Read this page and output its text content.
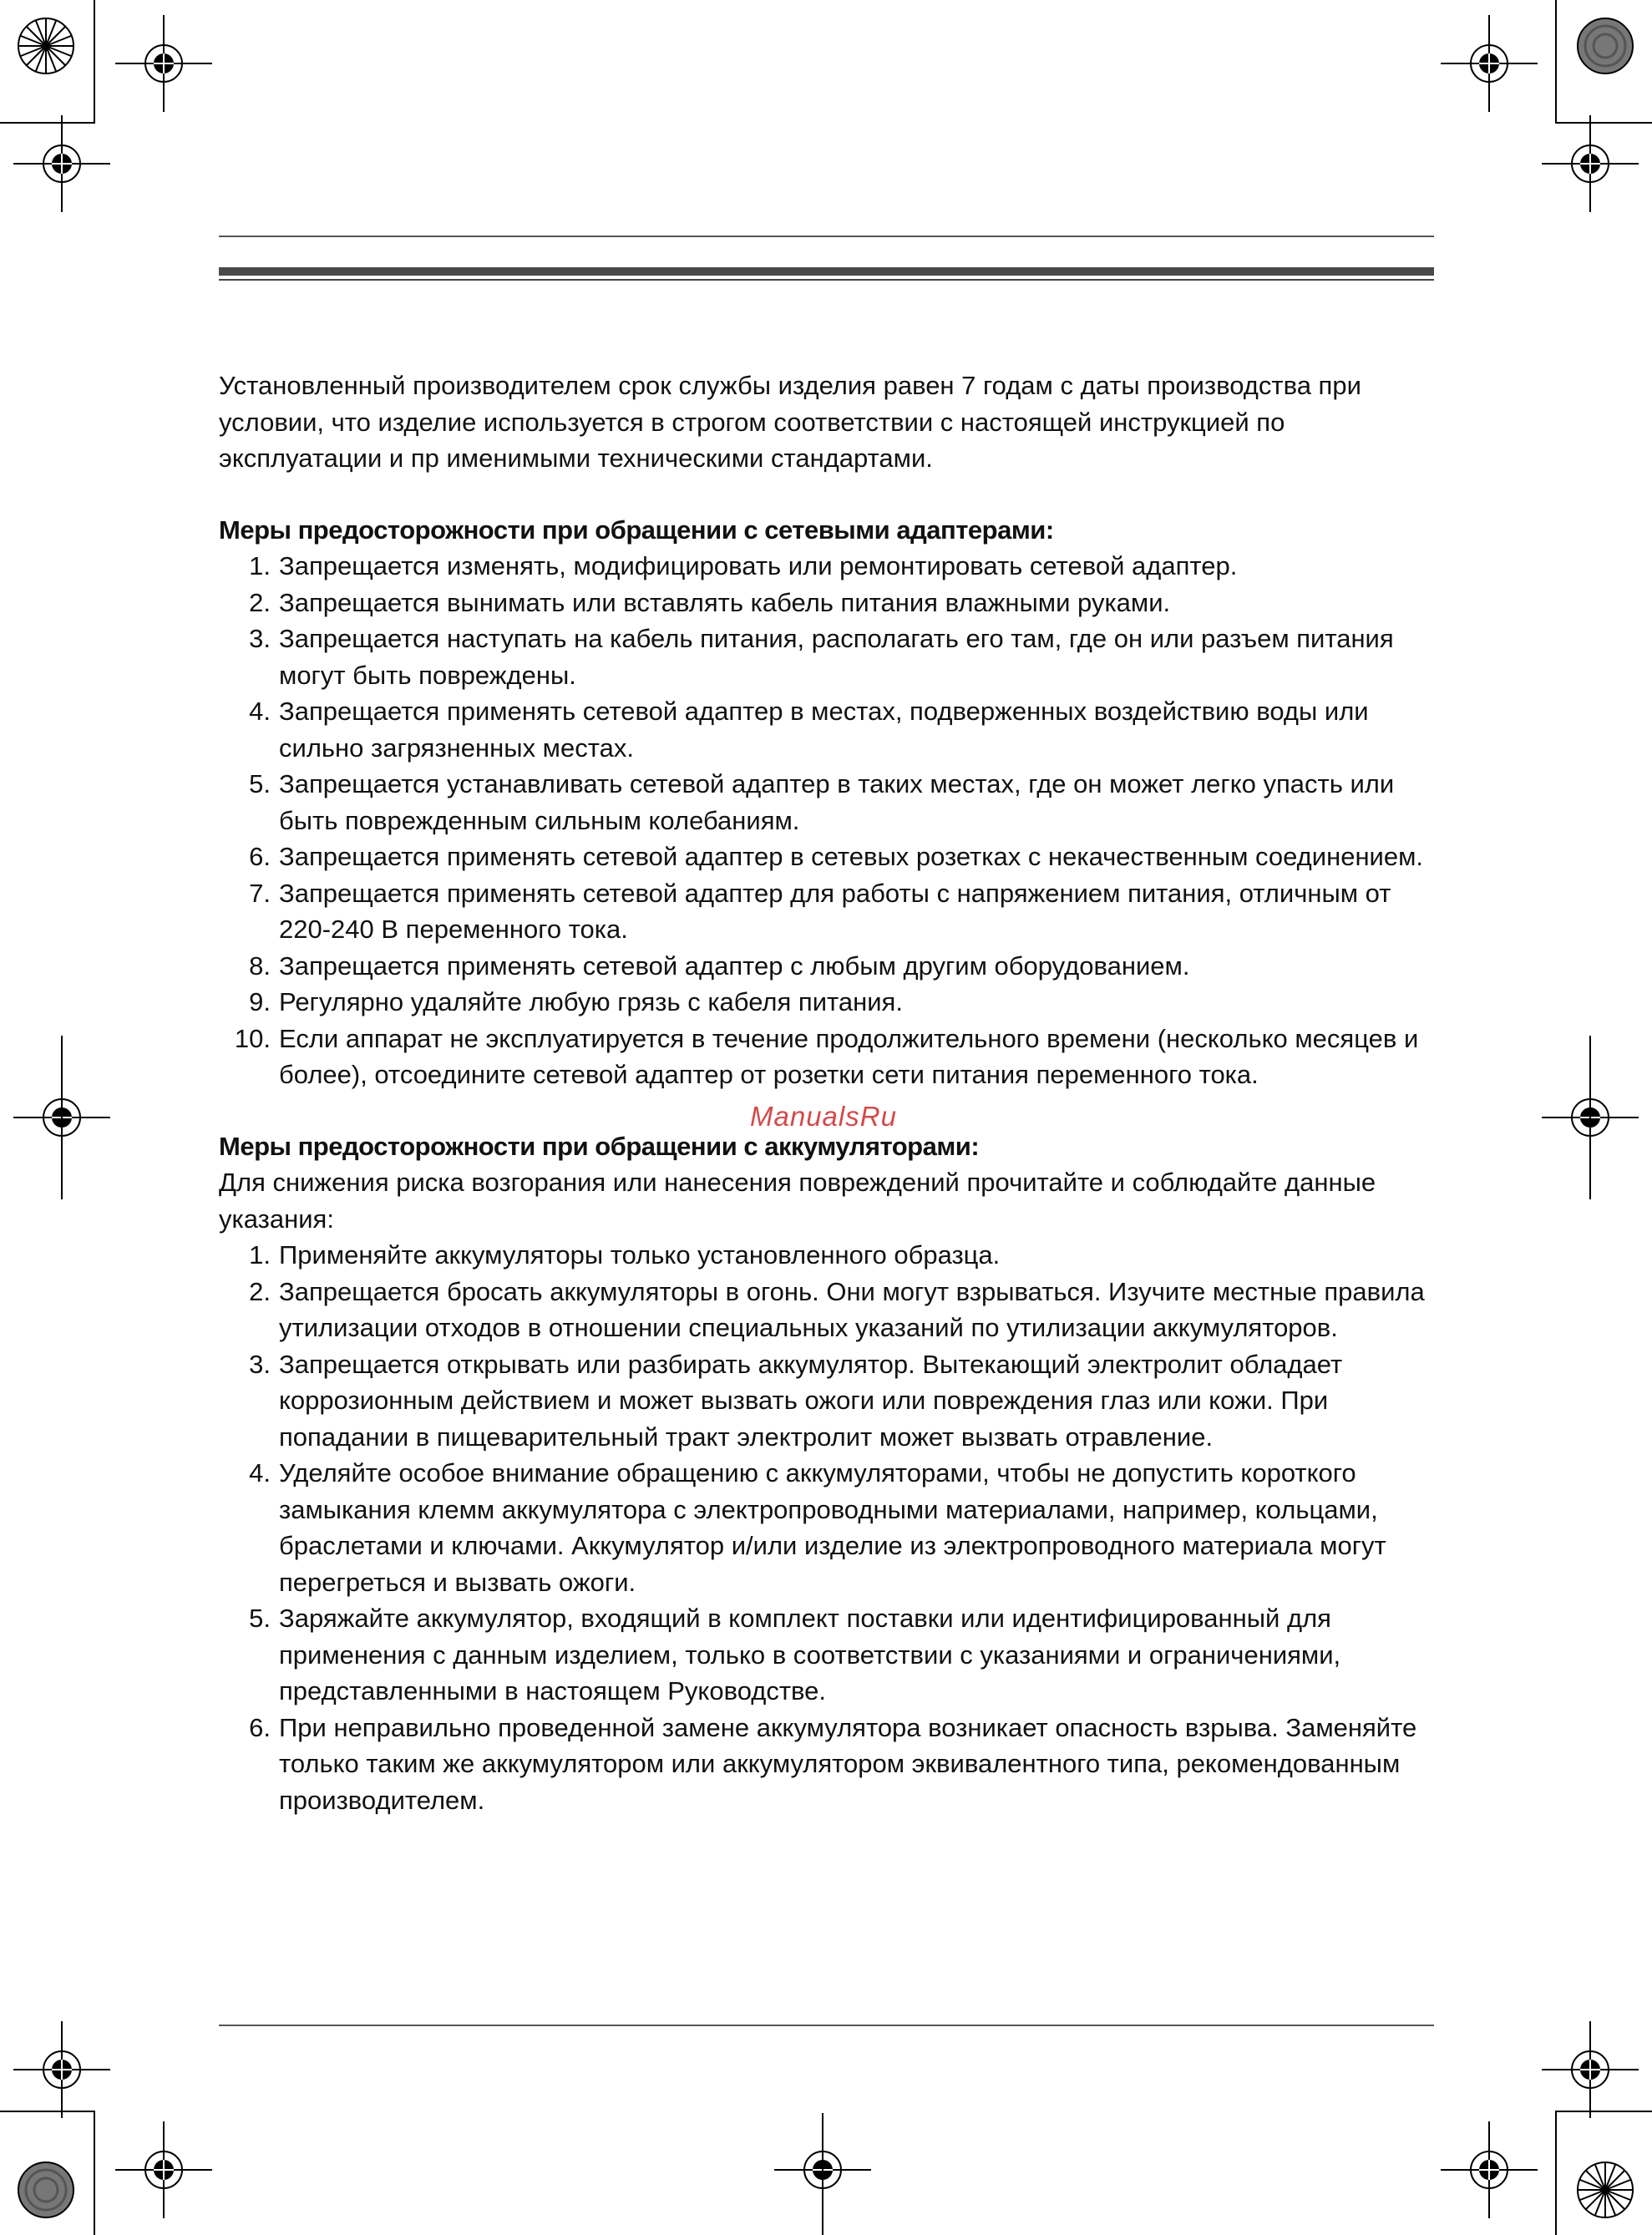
Установленный производителем срок службы изделия равен 7 годам с даты производства при условии, что изделие используется в строгом соответствии с настоящей инструкцией по эксплуатации и пр именимыми техническими стандартами.

Меры предосторожности при обращении с сетевыми адаптерами:
1. Запрещается изменять, модифицировать или ремонтировать сетевой адаптер.
2. Запрещается вынимать или вставлять кабель питания влажными руками.
3. Запрещается наступать на кабель питания, располагать его там, где он или разъем питания могут быть повреждены.
4. Запрещается применять сетевой адаптер в местах, подверженных воздействию воды или сильно загрязненных местах.
5. Запрещается устанавливать сетевой адаптер в таких местах, где он может легко упасть или быть поврежденным сильным колебаниям.
6. Запрещается применять сетевой адаптер в сетевых розетках с некачественным соединением.
7. Запрещается применять сетевой адаптер для работы с напряжением питания, отличным от 220-240 В переменного тока.
8. Запрещается применять сетевой адаптер с любым другим оборудованием.
9. Регулярно удаляйте любую грязь с кабеля питания.
10. Если аппарат не эксплуатируется в течение продолжительного времени (несколько месяцев и более), отсоедините сетевой адаптер от розетки сети питания переменного тока.
Меры предосторожности при обращении с аккумуляторами:

Для снижения риска возгорания или нанесения повреждений прочитайте и соблюдайте данные указания:

1. Применяйте аккумуляторы только установленного образца.
2. Запрещается бросать аккумуляторы в огонь. Они могут взрываться. Изучите местные правила утилизации отходов в отношении специальных указаний по утилизации аккумуляторов.
3. Запрещается открывать или разбирать аккумулятор. Вытекающий электролит обладает коррозионным действием и может вызвать ожоги или повреждения глаз или кожи. При попадании в пищеварительный тракт электролит может вызвать отравление.
4. Уделяйте особое внимание обращению с аккумуляторами, чтобы не допустить короткого замыкания клемм аккумулятора с электропроводными материалами, например, кольцами, браслетами и ключами. Аккумулятор и/или изделие из электропроводного материала могут перегреться и вызвать ожоги.
5. Заряжайте аккумулятор, входящий в комплект поставки или идентифицированный для применения с данным изделием, только в соответствии с указаниями и ограничениями, представленными в настоящем Руководстве.
6. При неправильно проведенной замене аккумулятора возникает опасность взрыва. Заменяйте только таким же аккумулятором или аккумулятором эквивалентного типа, рекомендованным производителем.
ManualsRu
